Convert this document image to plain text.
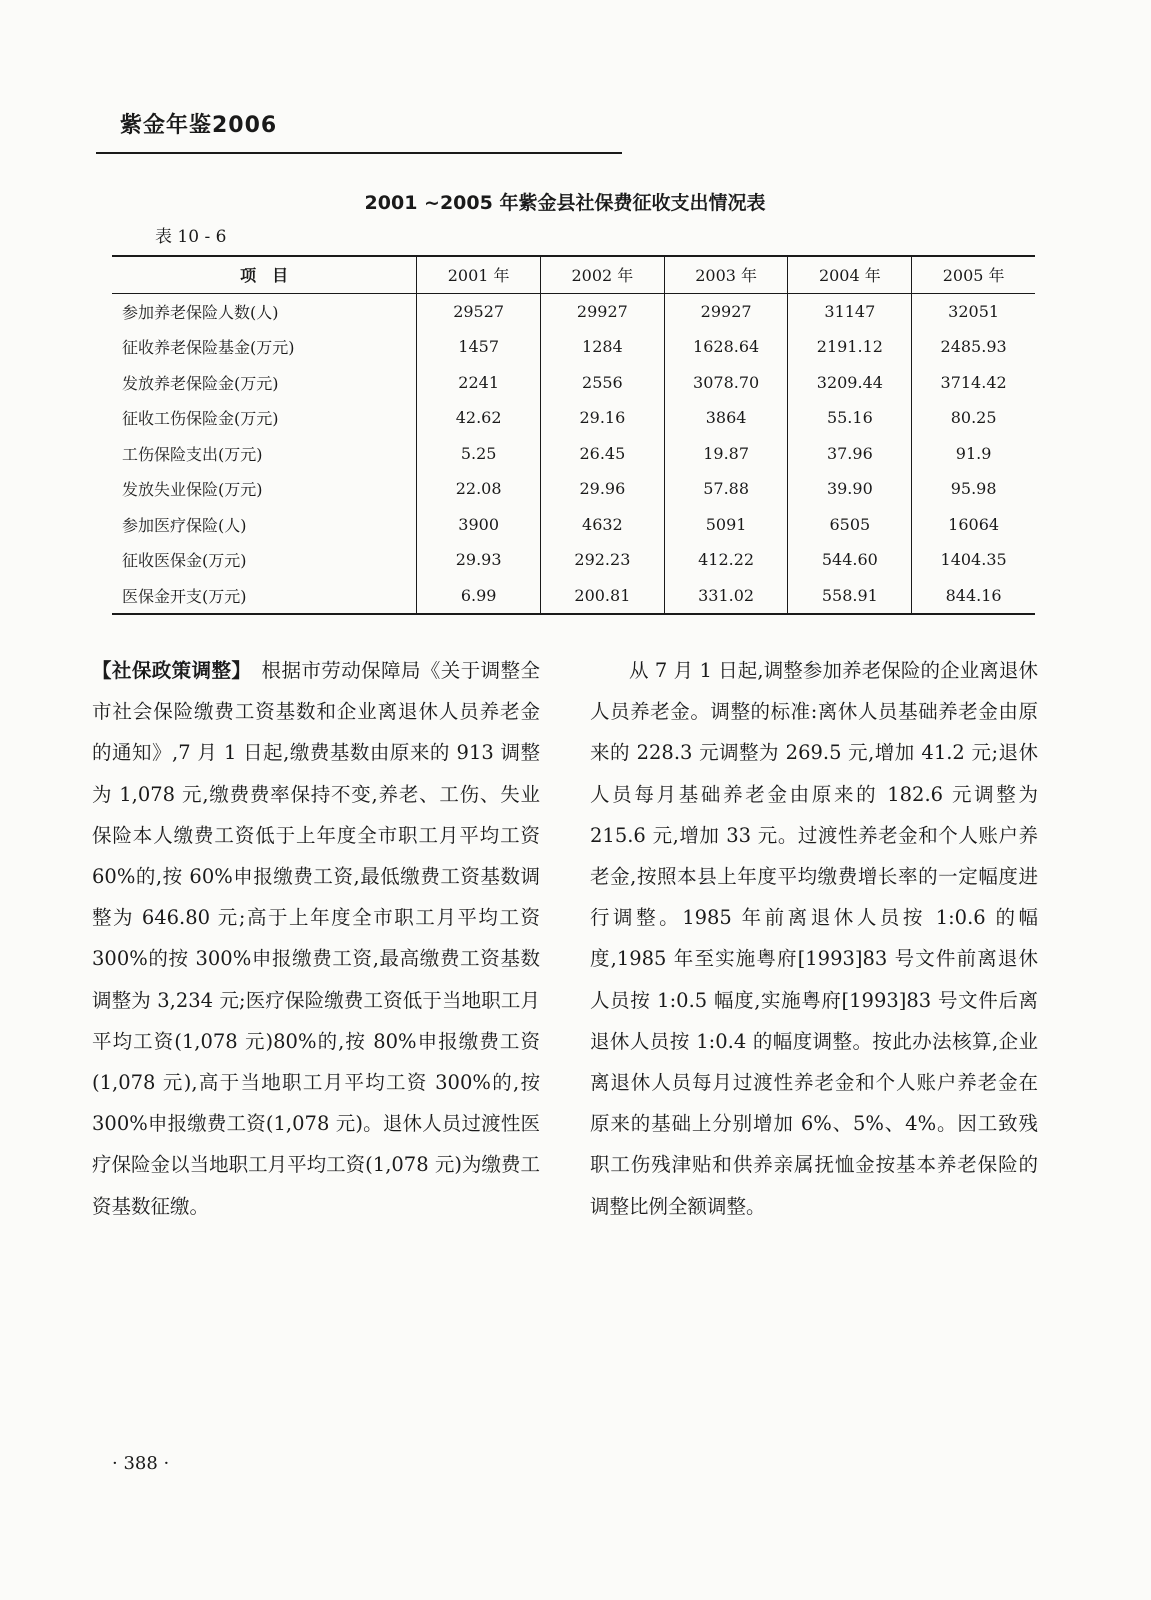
紫金年鉴2006
2001 ~2005 年紫金县社保费征收支出情况表
表 10 - 6
项　目	2001 年	2002 年	2003 年	2004 年	2005 年
参加养老保险人数(人)	29527	29927	29927	31147	32051
征收养老保险基金(万元)	1457	1284	1628.64	2191.12	2485.93
发放养老保险金(万元)	2241	2556	3078.70	3209.44	3714.42
征收工伤保险金(万元)	42.62	29.16	3864	55.16	80.25
工伤保险支出(万元)	5.25	26.45	19.87	37.96	91.9
发放失业保险(万元)	22.08	29.96	57.88	39.90	95.98
参加医疗保险(人)	3900	4632	5091	6505	16064
征收医保金(万元)	29.93	292.23	412.22	544.60	1404.35
医保金开支(万元)	6.99	200.81	331.02	558.91	844.16

【社保政策调整】　根据市劳动保障局《关于调整全市社会保险缴费工资基数和企业离退休人员养老金的通知》,7 月 1 日起,缴费基数由原来的 913 调整为 1,078 元,缴费费率保持不变,养老、工伤、失业保险本人缴费工资低于上年度全市职工月平均工资 60%的,按 60%申报缴费工资,最低缴费工资基数调整为 646.80 元;高于上年度全市职工月平均工资 300%的按 300%申报缴费工资,最高缴费工资基数调整为 3,234 元;医疗保险缴费工资低于当地职工月平均工资(1,078 元)80%的,按 80%申报缴费工资(1,078 元),高于当地职工月平均工资 300%的,按 300%申报缴费工资(1,078 元)。退休人员过渡性医疗保险金以当地职工月平均工资(1,078 元)为缴费工资基数征缴。

从 7 月 1 日起,调整参加养老保险的企业离退休人员养老金。调整的标准:离休人员基础养老金由原来的 228.3 元调整为 269.5 元,增加 41.2 元;退休人员每月基础养老金由原来的 182.6 元调整为 215.6 元,增加 33 元。过渡性养老金和个人账户养老金,按照本县上年度平均缴费增长率的一定幅度进行调整。1985 年前离退休人员按 1:0.6 的幅度,1985 年至实施粤府[1993]83 号文件前离退休人员按 1:0.5 幅度,实施粤府[1993]83 号文件后离退休人员按 1:0.4 的幅度调整。按此办法核算,企业离退休人员每月过渡性养老金和个人账户养老金在原来的基础上分别增加 6%、5%、4%。因工致残职工伤残津贴和供养亲属抚恤金按基本养老保险的调整比例全额调整。

· 388 ·
